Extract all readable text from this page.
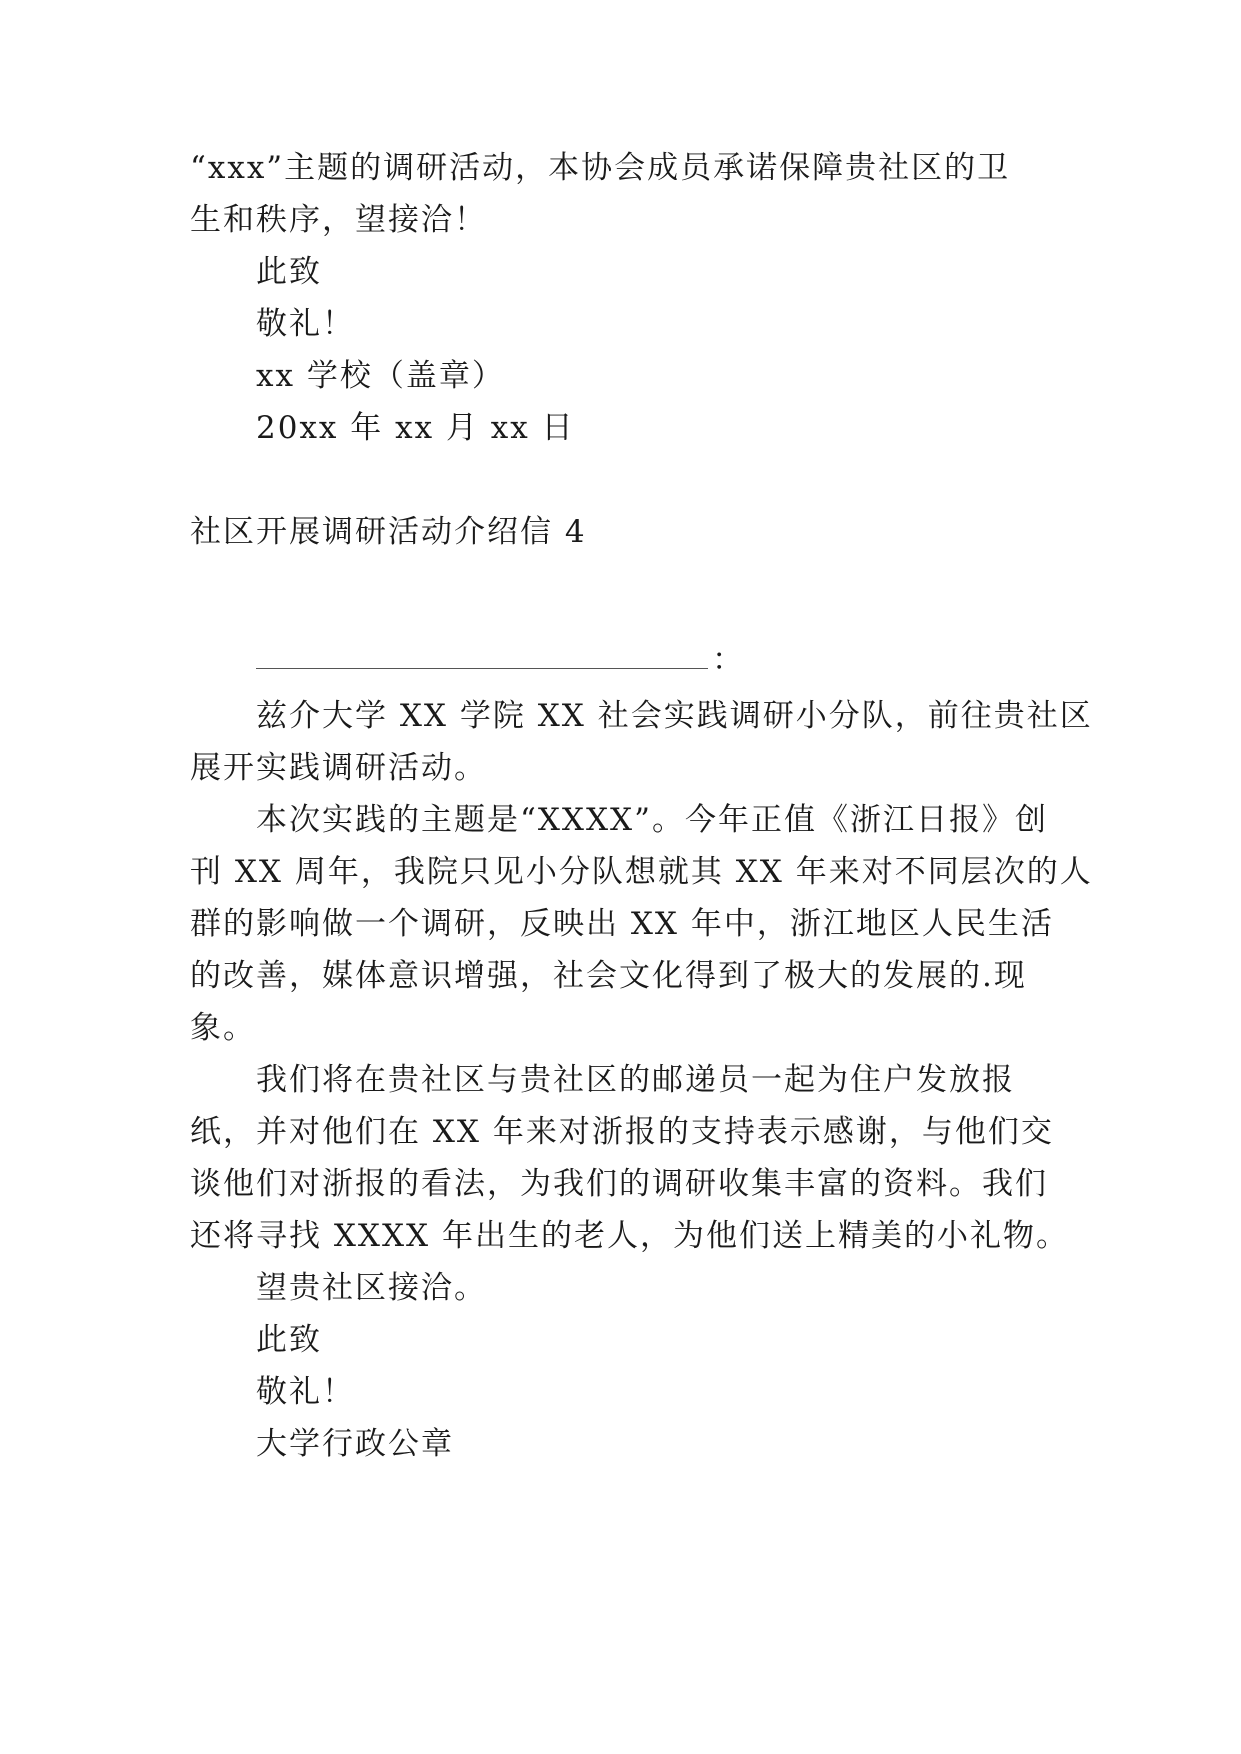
“xxx”主题的调研活动，本协会成员承诺保障贵社区的卫
生和秩序，望接洽！
此致
敬礼！
xx 学校（盖章）
20xx 年 xx 月 xx 日
社区开展调研活动介绍信 4
：
兹介大学 XX 学院 XX 社会实践调研小分队，前往贵社区
展开实践调研活动。
本次实践的主题是“XXXX”。今年正值《浙江日报》创
刊 XX 周年，我院只见小分队想就其 XX 年来对不同层次的人
群的影响做一个调研，反映出 XX 年中，浙江地区人民生活
的改善，媒体意识增强，社会文化得到了极大的发展的.现
象。
我们将在贵社区与贵社区的邮递员一起为住户发放报
纸，并对他们在 XX 年来对浙报的支持表示感谢，与他们交
谈他们对浙报的看法，为我们的调研收集丰富的资料。我们
还将寻找 XXXX 年出生的老人，为他们送上精美的小礼物。
望贵社区接洽。
此致
敬礼！
大学行政公章
